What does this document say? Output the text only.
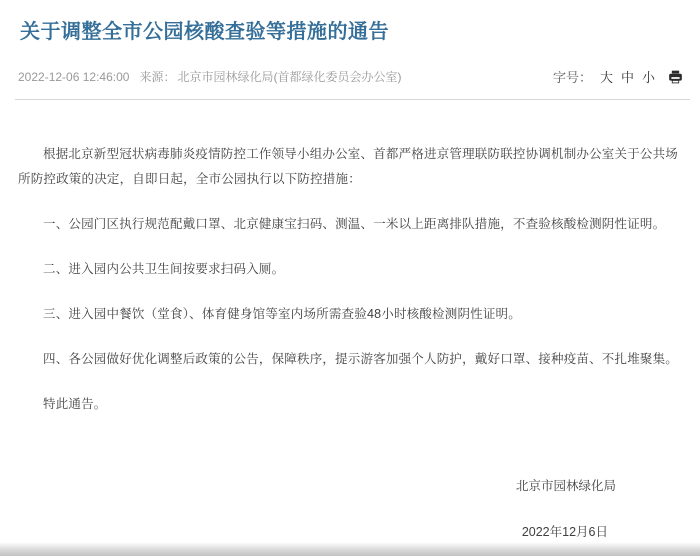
关于调整全市公园核酸查验等措施的通告
2022-12-06 12:46:00 来源： 北京市园林绿化局(首都绿化委员会办公室)	字号： 大 中 小

根据北京新型冠状病毒肺炎疫情防控工作领导小组办公室、首都严格进京管理联防联控协调机制办公室关于公共场所防控政策的决定，自即日起，全市公园执行以下防控措施：

一、公园门区执行规范配戴口罩、北京健康宝扫码、测温、一米以上距离排队措施，不查验核酸检测阴性证明。

二、进入园内公共卫生间按要求扫码入厕。

三、进入园中餐饮（堂食）、体育健身馆等室内场所需查验48小时核酸检测阴性证明。

四、各公园做好优化调整后政策的公告，保障秩序，提示游客加强个人防护，戴好口罩、接种疫苗、不扎堆聚集。

特此通告。

北京市园林绿化局
2022年12月6日
